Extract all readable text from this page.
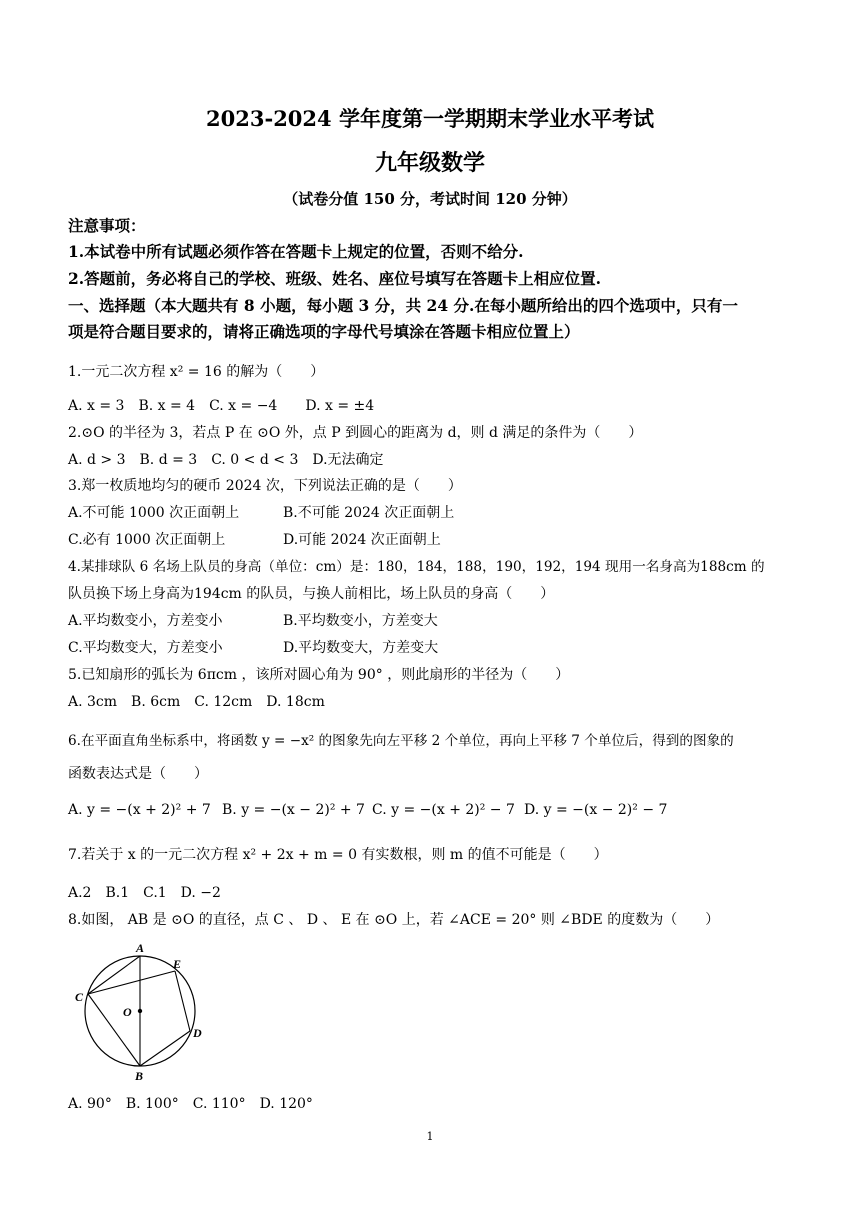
2023-2024 学年度第一学期期末学业水平考试
九年级数学
（试卷分值 150 分，考试时间 120 分钟）
注意事项：
1.本试卷中所有试题必须作答在答题卡上规定的位置，否则不给分.
2.答题前，务必将自己的学校、班级、姓名、座位号填写在答题卡上相应位置.
一、选择题（本大题共有 8 小题，每小题 3 分，共 24 分.在每小题所给出的四个选项中，只有一
项是符合题目要求的，请将正确选项的字母代号填涂在答题卡相应位置上）
1.一元二次方程 x² = 16 的解为（　　）
A. x = 3　B. x = 4　C. x = −4　　D. x = ±4
2.⊙O 的半径为 3，若点 P 在 ⊙O 外，点 P 到圆心的距离为 d，则 d 满足的条件为（　　）
A. d > 3　B. d = 3　C. 0 < d < 3　D.无法确定
3.郑一枚质地均匀的硬币 2024 次，下列说法正确的是（　　）
A.不可能 1000 次正面朝上	B.不可能 2024 次正面朝上
C.必有 1000 次正面朝上	D.可能 2024 次正面朝上
4.某排球队 6 名场上队员的身高（单位：cm）是：180，184，188，190，192，194 现用一名身高为188cm 的
队员换下场上身高为194cm 的队员，与换人前相比，场上队员的身高（　　）
A.平均数变小，方差变小	B.平均数变小，方差变大
C.平均数变大，方差变小	D.平均数变大，方差变大
5.已知扇形的弧长为 6πcm ，该所对圆心角为 90° ，则此扇形的半径为（　　）
A. 3cm　B. 6cm　C. 12cm　D. 18cm
6.在平面直角坐标系中，将函数 y = −x² 的图象先向左平移 2 个单位，再向上平移 7 个单位后，得到的图象的
函数表达式是（　　）
A. y = −(x + 2)² + 7 B. y = −(x − 2)² + 7 C. y = −(x + 2)² − 7 D. y = −(x − 2)² − 7
7.若关于 x 的一元二次方程 x² + 2x + m = 0 有实数根，则 m 的值不可能是（　　）
A.2　B.1　C.1　D. −2
8.如图， AB 是 ⊙O 的直径，点 C 、 D 、 E 在 ⊙O 上，若 ∠ACE = 20° 则 ∠BDE 的度数为（　　）
A
B
C
D
E
O
A. 90°　B. 100°　C. 110°　D. 120°
1
